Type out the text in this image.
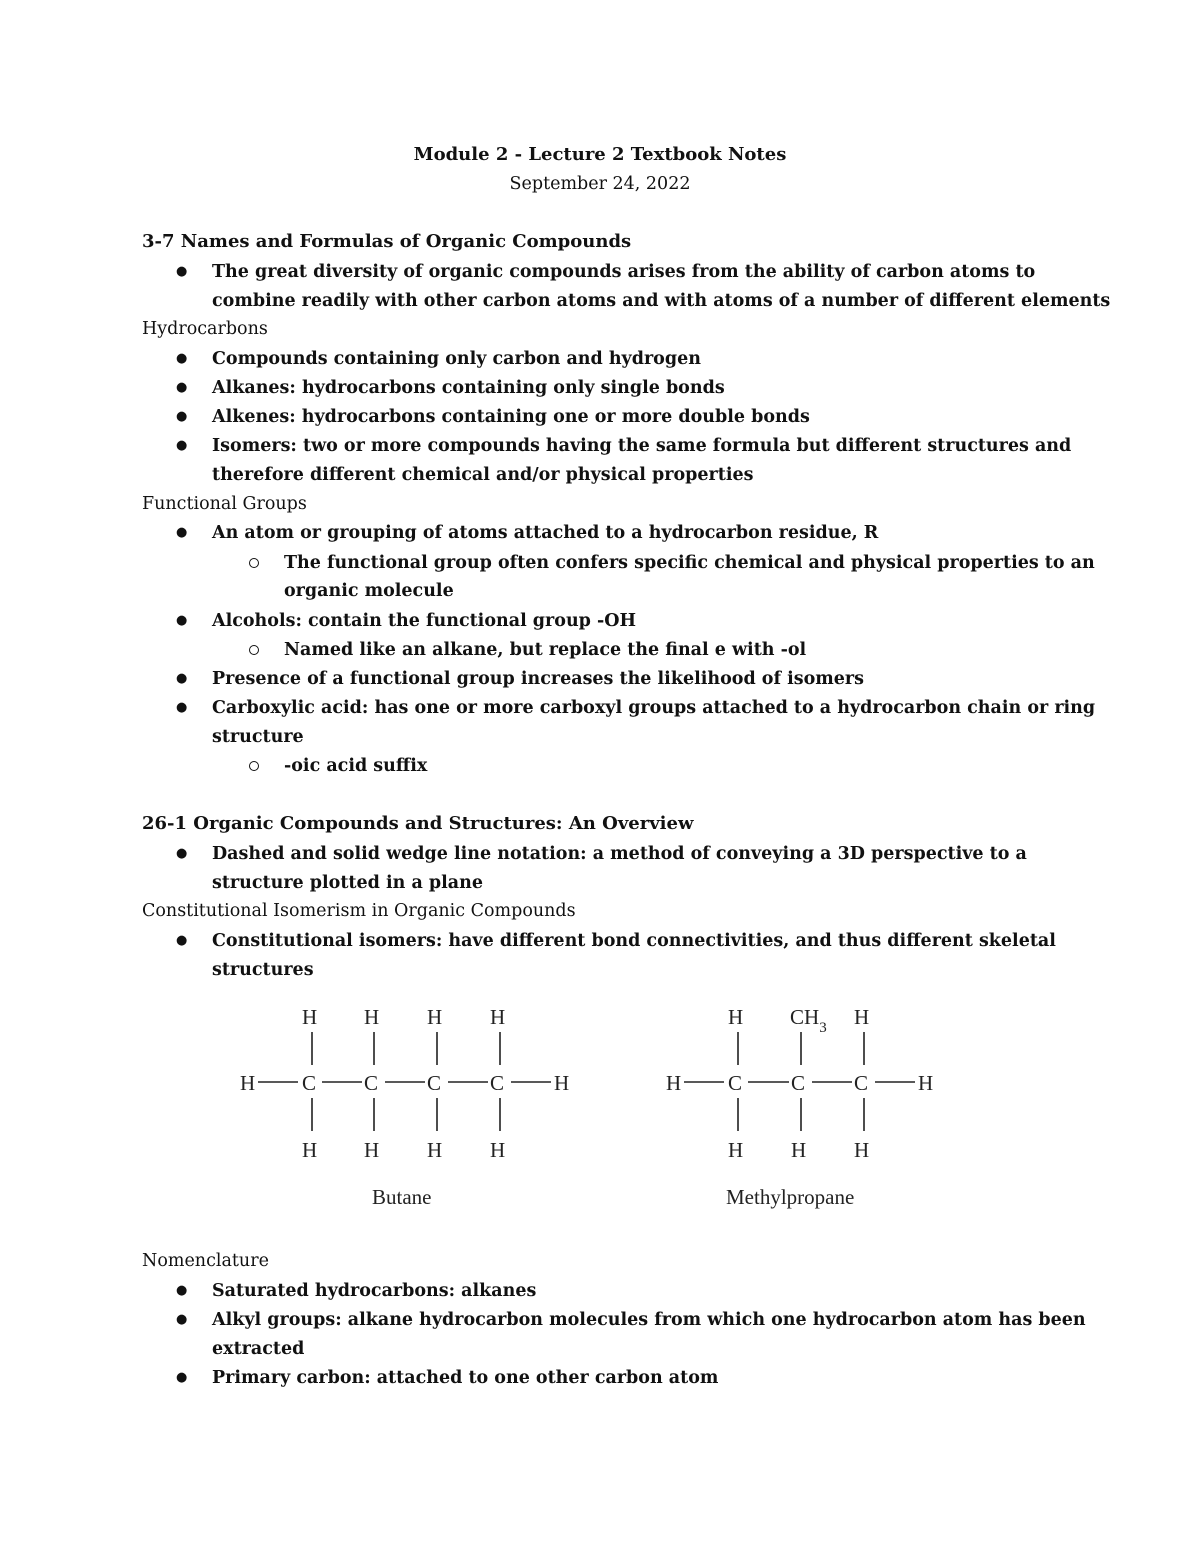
Module 2 - Lecture 2 Textbook Notes
September 24, 2022
3-7 Names and Formulas of Organic Compounds
● The great diversity of organic compounds arises from the ability of carbon atoms to
combine readily with other carbon atoms and with atoms of a number of different elements
Hydrocarbons
● Compounds containing only carbon and hydrogen
● Alkanes: hydrocarbons containing only single bonds
● Alkenes: hydrocarbons containing one or more double bonds
● Isomers: two or more compounds having the same formula but different structures and
therefore different chemical and/or physical properties
Functional Groups
● An atom or grouping of atoms attached to a hydrocarbon residue, R
The functional group often confers specific chemical and physical properties to an
organic molecule
● Alcohols: contain the functional group -OH
Named like an alkane, but replace the final e with -ol
● Presence of a functional group increases the likelihood of isomers
● Carboxylic acid: has one or more carboxyl groups attached to a hydrocarbon chain or ring
structure
-oic acid suffix
26-1 Organic Compounds and Structures: An Overview
● Dashed and solid wedge line notation: a method of conveying a 3D perspective to a
structure plotted in a plane
Constitutional Isomerism in Organic Compounds
● Constitutional isomers: have different bond connectivities, and thus different skeletal
structures
H H H H
H C C C C H
H H H H
Butane
H $CH_3$ H
H C C C H
H H H
Methylpropane
Nomenclature
● Saturated hydrocarbons: alkanes
● Alkyl groups: alkane hydrocarbon molecules from which one hydrocarbon atom has been
extracted
● Primary carbon: attached to one other carbon atom
